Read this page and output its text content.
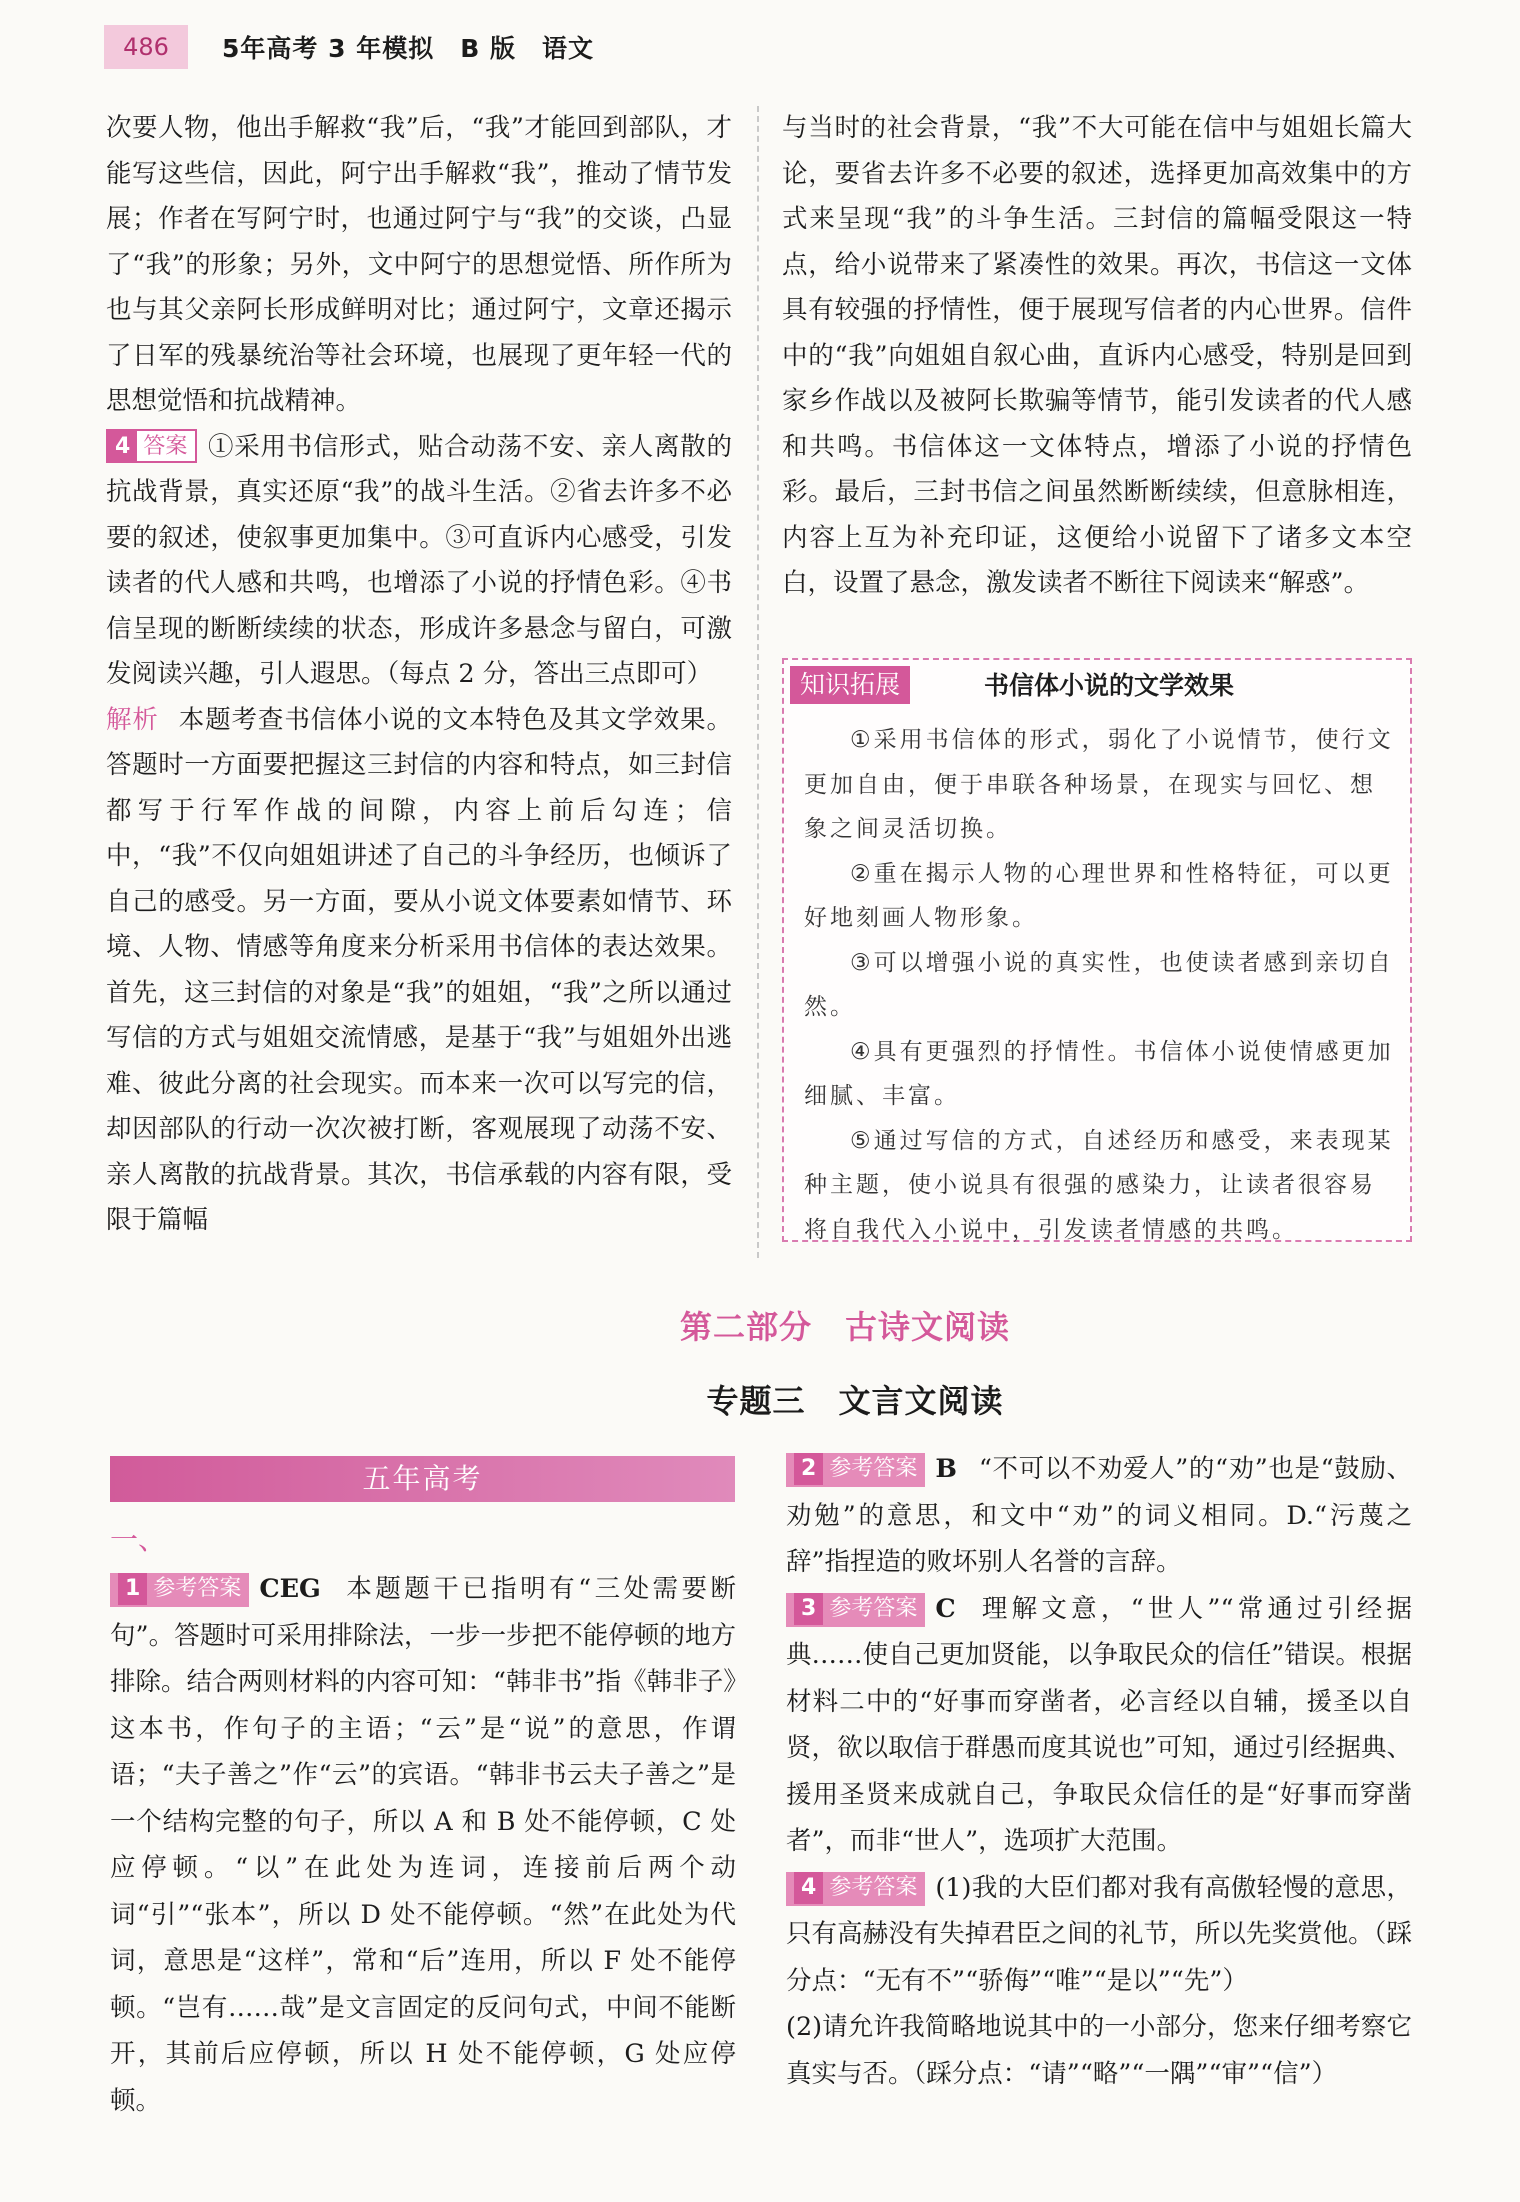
486	5年高考 3 年模拟　B 版　语文

次要人物，他出手解救“我”后，“我”才能回到部队，才能写这些信，因此，阿宁出手解救“我”，推动了情节发展；作者在写阿宁时，也通过阿宁与“我”的交谈，凸显了“我”的形象；另外，文中阿宁的思想觉悟、所作所为也与其父亲阿长形成鲜明对比；通过阿宁，文章还揭示了日军的残暴统治等社会环境，也展现了更年轻一代的思想觉悟和抗战精神。

4 答案 ①采用书信形式，贴合动荡不安、亲人离散的抗战背景，真实还原“我”的战斗生活。②省去许多不必要的叙述，使叙事更加集中。③可直诉内心感受，引发读者的代人感和共鸣，也增添了小说的抒情色彩。④书信呈现的断断续续的状态，形成许多悬念与留白，可激发阅读兴趣，引人遐思。（每点 2 分，答出三点即可）

解析 本题考查书信体小说的文本特色及其文学效果。答题时一方面要把握这三封信的内容和特点，如三封信都写于行军作战的间隙，内容上前后勾连；信中，“我”不仅向姐姐讲述了自己的斗争经历，也倾诉了自己的感受。另一方面，要从小说文体要素如情节、环境、人物、情感等角度来分析采用书信体的表达效果。首先，这三封信的对象是“我”的姐姐，“我”之所以通过写信的方式与姐姐交流情感，是基于“我”与姐姐外出逃难、彼此分离的社会现实。而本来一次可以写完的信，却因部队的行动一次次被打断，客观展现了动荡不安、亲人离散的抗战背景。其次，书信承载的内容有限，受限于篇幅

与当时的社会背景，“我”不大可能在信中与姐姐长篇大论，要省去许多不必要的叙述，选择更加高效集中的方式来呈现“我”的斗争生活。三封信的篇幅受限这一特点，给小说带来了紧凑性的效果。再次，书信这一文体具有较强的抒情性，便于展现写信者的内心世界。信件中的“我”向姐姐自叙心曲，直诉内心感受，特别是回到家乡作战以及被阿长欺骗等情节，能引发读者的代人感和共鸣。书信体这一文体特点，增添了小说的抒情色彩。最后，三封书信之间虽然断断续续，但意脉相连，内容上互为补充印证，这便给小说留下了诸多文本空白，设置了悬念，激发读者不断往下阅读来“解惑”。

知识拓展	书信体小说的文学效果

①采用书信体的形式，弱化了小说情节，使行文更加自由，便于串联各种场景，在现实与回忆、想象之间灵活切换。

②重在揭示人物的心理世界和性格特征，可以更好地刻画人物形象。

③可以增强小说的真实性，也使读者感到亲切自然。

④具有更强烈的抒情性。书信体小说使情感更加细腻、丰富。

⑤通过写信的方式，自述经历和感受，来表现某种主题，使小说具有很强的感染力，让读者很容易将自我代入小说中，引发读者情感的共鸣。

第二部分　古诗文阅读
专题三　文言文阅读
五年高考
一、

1 参考答案 CEG 本题题干已指明有“三处需要断句”。答题时可采用排除法，一步一步把不能停顿的地方排除。结合两则材料的内容可知：“韩非书”指《韩非子》这本书，作句子的主语；“云”是“说”的意思，作谓语；“夫子善之”作“云”的宾语。“韩非书云夫子善之”是一个结构完整的句子，所以 A 和 B 处不能停顿，C 处应停顿。“以”在此处为连词，连接前后两个动词“引”“张本”，所以 D 处不能停顿。“然”在此处为代词，意思是“这样”，常和“后”连用，所以 F 处不能停顿。“岂有……哉”是文言固定的反问句式，中间不能断开，其前后应停顿，所以 H 处不能停顿，G 处应停顿。

2 参考答案 B “不可以不劝爱人”的“劝”也是“鼓励、劝勉”的意思，和文中“劝”的词义相同。D.“污蔑之辞”指捏造的败坏别人名誉的言辞。

3 参考答案 C 理解文意，“世人”“常通过引经据典……使自己更加贤能，以争取民众的信任”错误。根据材料二中的“好事而穿凿者，必言经以自辅，援圣以自贤，欲以取信于群愚而度其说也”可知，通过引经据典、援用圣贤来成就自己，争取民众信任的是“好事而穿凿者”，而非“世人”，选项扩大范围。

4 参考答案 (1)我的大臣们都对我有高傲轻慢的意思，只有高赫没有失掉君臣之间的礼节，所以先奖赏他。（踩分点：“无有不”“骄侮”“唯”“是以”“先”）

(2)请允许我简略地说其中的一小部分，您来仔细考察它真实与否。（踩分点：“请”“略”“一隅”“审”“信”）
